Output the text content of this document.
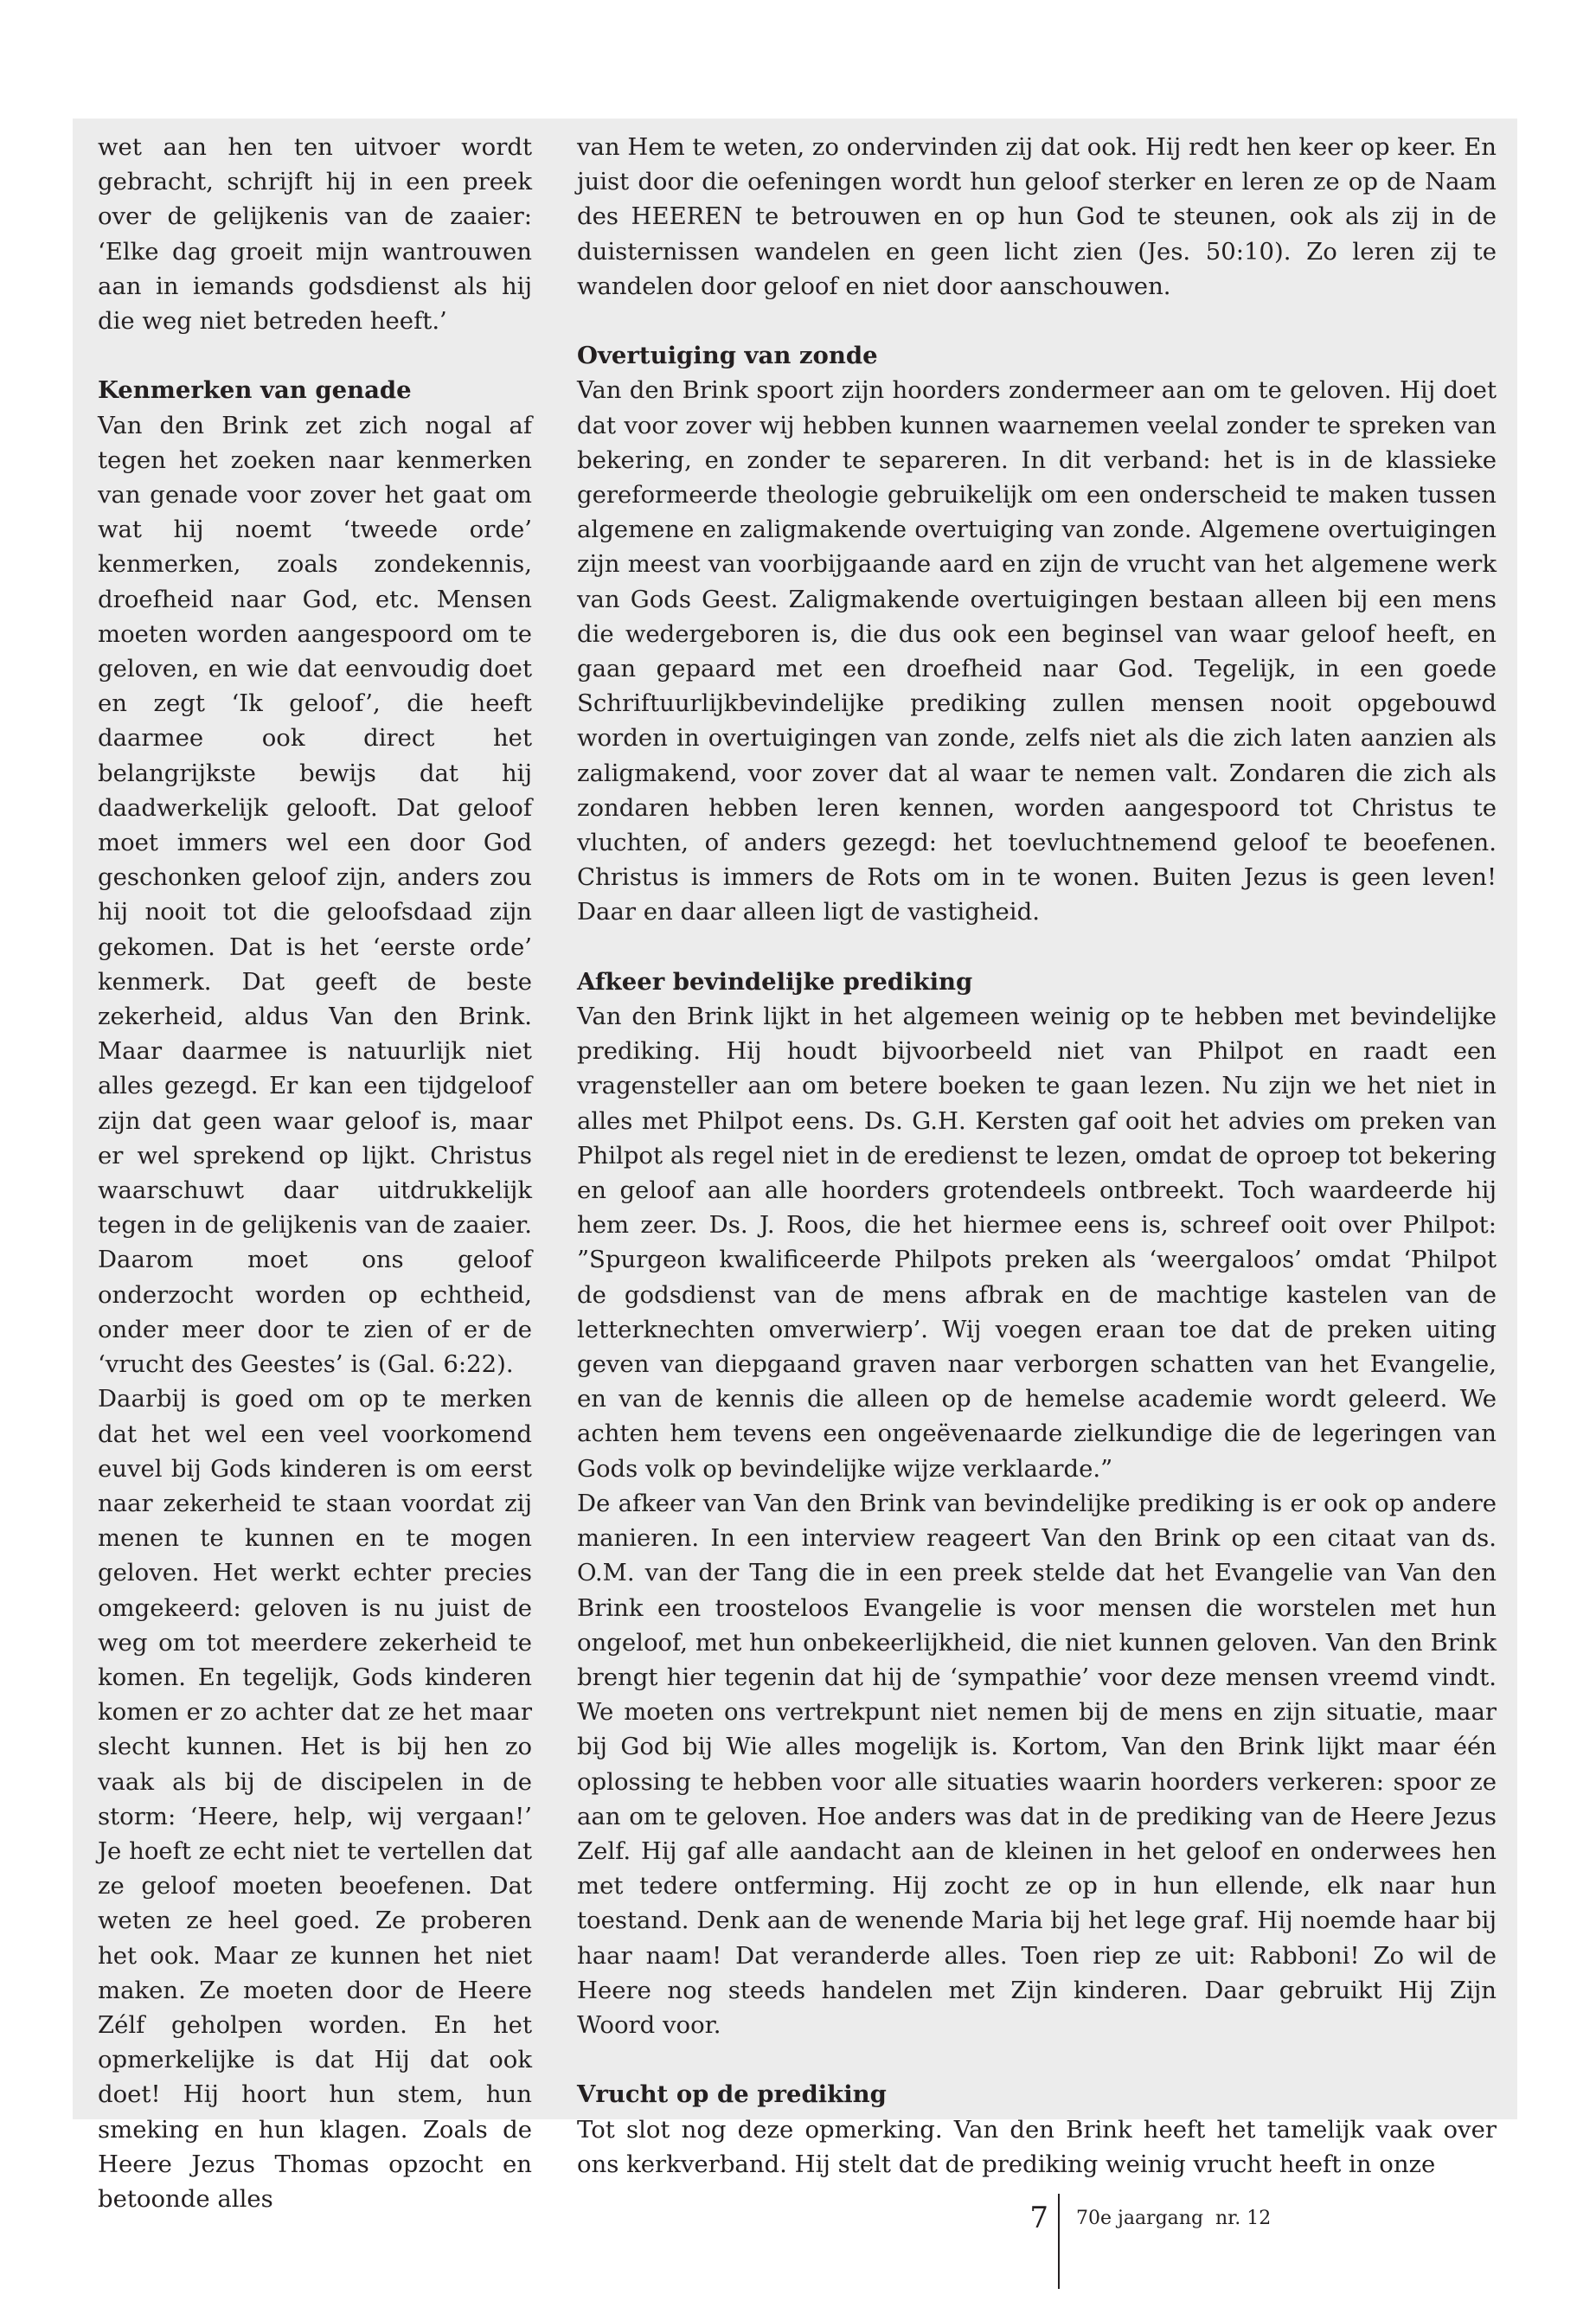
wet aan hen ten uitvoer wordt gebracht, schrijft hij in een preek over de gelijkenis van de zaaier: ‘Elke dag groeit mijn wantrouwen aan in iemands godsdienst als hij die weg niet betreden heeft.’

Kenmerken van genade

Van den Brink zet zich nogal af tegen het zoeken naar kenmerken van genade voor zover het gaat om wat hij noemt ‘tweede orde’ kenmerken, zoals zondekennis, droefheid naar God, etc. Mensen moeten worden aangespoord om te geloven, en wie dat eenvoudig doet en zegt ‘Ik geloof’, die heeft daarmee ook direct het belangrijkste bewijs dat hij daadwerkelijk gelooft. Dat geloof moet immers wel een door God geschonken geloof zijn, anders zou hij nooit tot die geloofsdaad zijn gekomen. Dat is het ‘eerste orde’ kenmerk. Dat geeft de beste zekerheid, aldus Van den Brink. Maar daarmee is natuurlijk niet alles gezegd. Er kan een tijdgeloof zijn dat geen waar geloof is, maar er wel sprekend op lijkt. Christus waarschuwt daar uitdrukkelijk tegen in de gelijkenis van de zaaier. Daarom moet ons geloof onderzocht worden op echtheid, onder meer door te zien of er de ‘vrucht des Geestes’ is (Gal. 6:22).

Daarbij is goed om op te merken dat het wel een veel voorkomend euvel bij Gods kinderen is om eerst naar zekerheid te staan voordat zij menen te kunnen en te mogen geloven. Het werkt echter precies omgekeerd: geloven is nu juist de weg om tot meerdere zekerheid te komen. En tegelijk, Gods kinderen komen er zo achter dat ze het maar slecht kunnen. Het is bij hen zo vaak als bij de discipelen in de storm: ‘Heere, help, wij vergaan!’ Je hoeft ze echt niet te vertellen dat ze geloof moeten beoefenen. Dat weten ze heel goed. Ze proberen het ook. Maar ze kunnen het niet maken. Ze moeten door de Heere Zélf geholpen worden. En het opmerkelijke is dat Hij dat ook doet! Hij hoort hun stem, hun smeking en hun klagen. Zoals de Heere Jezus Thomas opzocht en betoonde alles

van Hem te weten, zo ondervinden zij dat ook. Hij redt hen keer op keer. En juist door die oefeningen wordt hun geloof sterker en leren ze op de Naam des HEEREN te betrouwen en op hun God te steunen, ook als zij in de duisternissen wandelen en geen licht zien (Jes. 50:10). Zo leren zij te wandelen door geloof en niet door aanschouwen.

Overtuiging van zonde

Van den Brink spoort zijn hoorders zondermeer aan om te geloven. Hij doet dat voor zover wij hebben kunnen waarnemen veelal zonder te spreken van bekering, en zonder te separeren. In dit verband: het is in de klassieke gereformeerde theologie gebruikelijk om een onderscheid te maken tussen algemene en zaligmakende overtuiging van zonde. Algemene overtuigingen zijn meest van voorbijgaande aard en zijn de vrucht van het algemene werk van Gods Geest. Zaligmakende overtuigingen bestaan alleen bij een mens die wedergeboren is, die dus ook een beginsel van waar geloof heeft, en gaan gepaard met een droefheid naar God. Tegelijk, in een goede Schriftuurlijkbevindelijke prediking zullen mensen nooit opgebouwd worden in overtuigingen van zonde, zelfs niet als die zich laten aanzien als zaligmakend, voor zover dat al waar te nemen valt. Zondaren die zich als zondaren hebben leren kennen, worden aangespoord tot Christus te vluchten, of anders gezegd: het toevluchtnemend geloof te beoefenen. Christus is immers de Rots om in te wonen. Buiten Jezus is geen leven! Daar en daar alleen ligt de vastigheid.

Afkeer bevindelijke prediking

Van den Brink lijkt in het algemeen weinig op te hebben met bevindelijke prediking. Hij houdt bijvoorbeeld niet van Philpot en raadt een vragensteller aan om betere boeken te gaan lezen. Nu zijn we het niet in alles met Philpot eens. Ds. G.H. Kersten gaf ooit het advies om preken van Philpot als regel niet in de eredienst te lezen, omdat de oproep tot bekering en geloof aan alle hoorders grotendeels ontbreekt. Toch waardeerde hij hem zeer. Ds. J. Roos, die het hiermee eens is, schreef ooit over Philpot: ”Spurgeon kwalificeerde Philpots preken als ‘weergaloos’ omdat ‘Philpot de godsdienst van de mens afbrak en de machtige kastelen van de letterknechten omverwierp’. Wij voegen eraan toe dat de preken uiting geven van diepgaand graven naar verborgen schatten van het Evangelie, en van de kennis die alleen op de hemelse academie wordt geleerd. We achten hem tevens een ongeëvenaarde zielkundige die de legeringen van Gods volk op bevindelijke wijze verklaarde.”

De afkeer van Van den Brink van bevindelijke prediking is er ook op andere manieren. In een interview reageert Van den Brink op een citaat van ds. O.M. van der Tang die in een preek stelde dat het Evangelie van Van den Brink een troosteloos Evangelie is voor mensen die worstelen met hun ongeloof, met hun onbekeerlijkheid, die niet kunnen geloven. Van den Brink brengt hier tegenin dat hij de ‘sympathie’ voor deze mensen vreemd vindt. We moeten ons vertrekpunt niet nemen bij de mens en zijn situatie, maar bij God bij Wie alles mogelijk is. Kortom, Van den Brink lijkt maar één oplossing te hebben voor alle situaties waarin hoorders verkeren: spoor ze aan om te geloven. Hoe anders was dat in de prediking van de Heere Jezus Zelf. Hij gaf alle aandacht aan de kleinen in het geloof en onderwees hen met tedere ontferming. Hij zocht ze op in hun ellende, elk naar hun toestand. Denk aan de wenende Maria bij het lege graf. Hij noemde haar bij haar naam! Dat veranderde alles. Toen riep ze uit: Rabboni! Zo wil de Heere nog steeds handelen met Zijn kinderen. Daar gebruikt Hij Zijn Woord voor.

Vrucht op de prediking

Tot slot nog deze opmerking. Van den Brink heeft het tamelijk vaak over ons kerkverband. Hij stelt dat de prediking weinig vrucht heeft in onze

7 70e jaargang  nr. 12
